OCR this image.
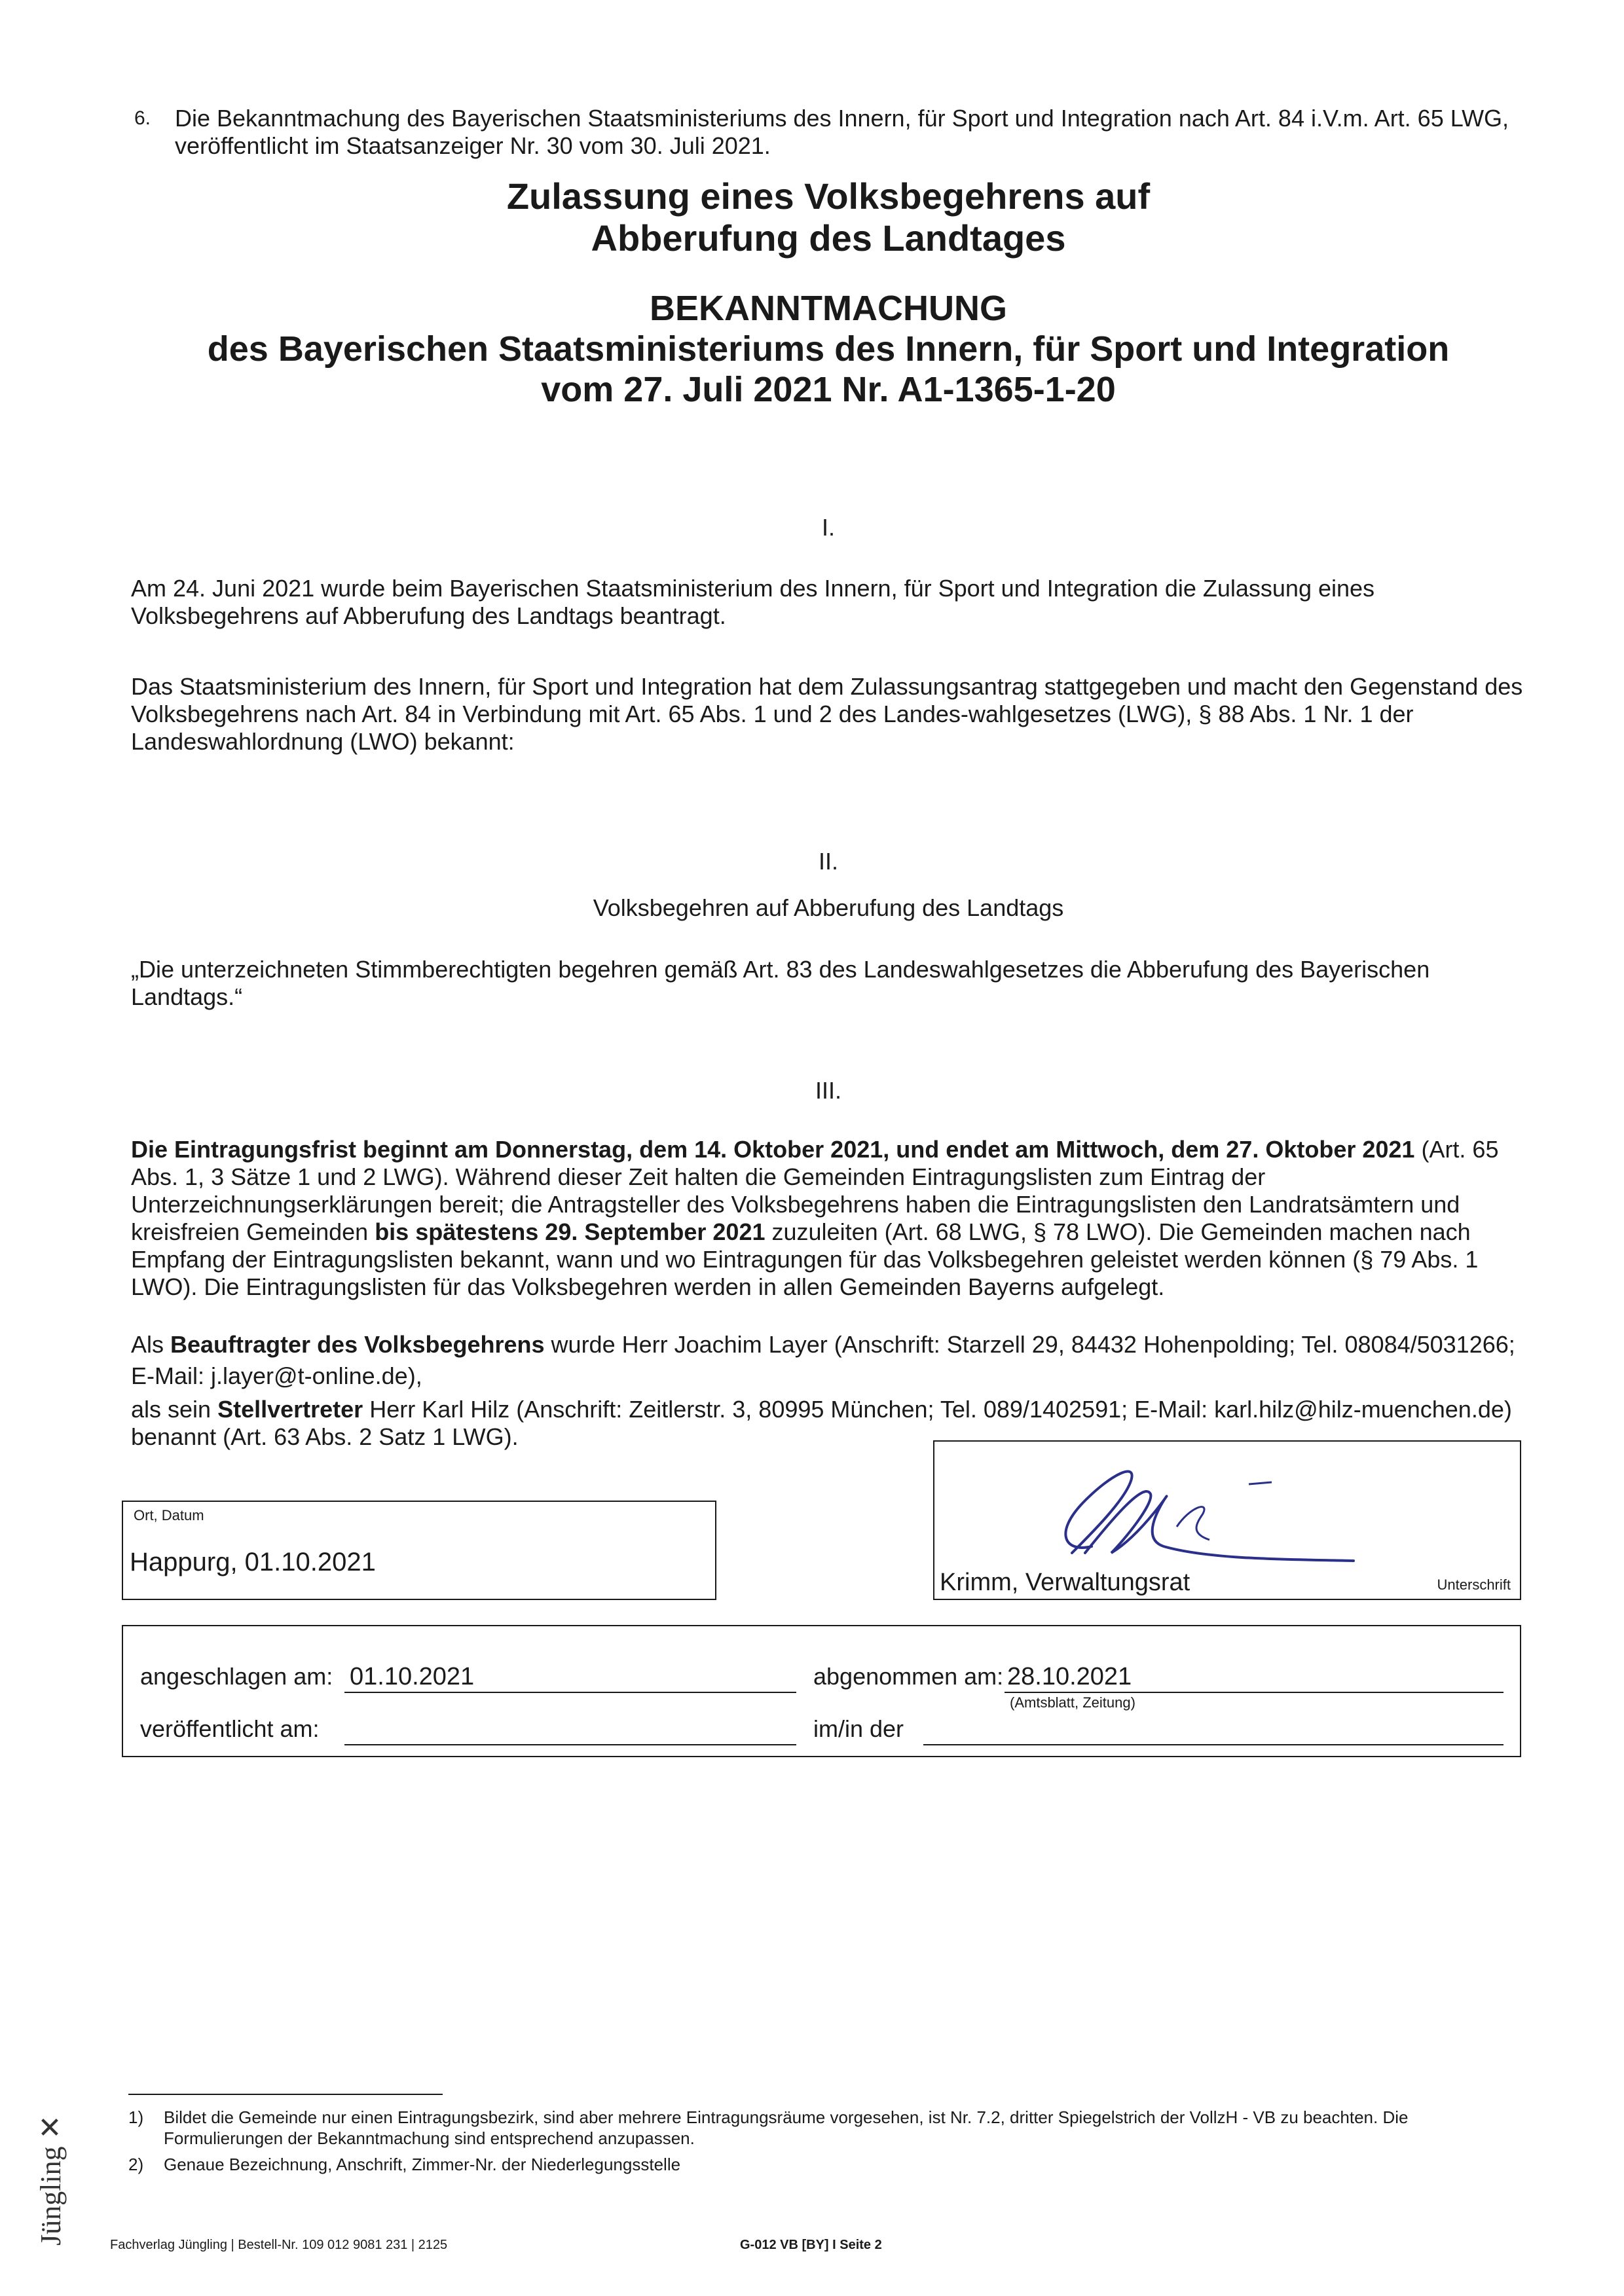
6. Die Bekanntmachung des Bayerischen Staatsministeriums des Innern, für Sport und Integration nach Art. 84 i.V.m. Art. 65 LWG, veröffentlicht im Staatsanzeiger Nr. 30 vom 30. Juli 2021.

Zulassung eines Volksbegehrens auf
Abberufung des Landtages
BEKANNTMACHUNG
des Bayerischen Staatsministeriums des Innern, für Sport und Integration
vom 27. Juli 2021 Nr. A1-1365-1-20
I.

Am 24. Juni 2021 wurde beim Bayerischen Staatsministerium des Innern, für Sport und Integration die Zulassung eines Volksbegehrens auf Abberufung des Landtags beantragt.

Das Staatsministerium des Innern, für Sport und Integration hat dem Zulassungsantrag stattgegeben und macht den Gegenstand des Volksbegehrens nach Art. 84 in Verbindung mit Art. 65 Abs. 1 und 2 des Landes-wahlgesetzes (LWG), § 88 Abs. 1 Nr. 1 der Landeswahlordnung (LWO) bekannt:

II.
Volksbegehren auf Abberufung des Landtags

„Die unterzeichneten Stimmberechtigten begehren gemäß Art. 83 des Landeswahlgesetzes die Abberufung des Bayerischen Landtags.“

III.

Die Eintragungsfrist beginnt am Donnerstag, dem 14. Oktober 2021, und endet am Mittwoch, dem 27. Oktober 2021 (Art. 65 Abs. 1, 3 Sätze 1 und 2 LWG). Während dieser Zeit halten die Gemeinden Eintragungslisten zum Eintrag der Unterzeichnungserklärungen bereit; die Antragsteller des Volksbegehrens haben die Eintragungslisten den Landratsämtern und kreisfreien Gemeinden bis spätestens 29. September 2021 zuzuleiten (Art. 68 LWG, § 78 LWO). Die Gemeinden machen nach Empfang der Eintragungslisten bekannt, wann und wo Eintragungen für das Volksbegehren geleistet werden können (§ 79 Abs. 1 LWO). Die Eintragungslisten für das Volksbegehren werden in allen Gemeinden Bayerns aufgelegt.

Als Beauftragter des Volksbegehrens wurde Herr Joachim Layer (Anschrift: Starzell 29, 84432 Hohenpolding; Tel. 08084/5031266; E-Mail: j.layer@t-online.de),

als sein Stellvertreter Herr Karl Hilz (Anschrift: Zeitlerstr. 3, 80995 München; Tel. 089/1402591; E-Mail: karl.hilz@hilz-muenchen.de) benannt (Art. 63 Abs. 2 Satz 1 LWG).

Ort, Datum
Happurg, 01.10.2021
Krimm, Verwaltungsrat	Unterschrift
angeschlagen am: 01.10.2021	abgenommen am: 28.10.2021
(Amtsblatt, Zeitung)
veröffentlicht am:	im/in der
1) Bildet die Gemeinde nur einen Eintragungsbezirk, sind aber mehrere Eintragungsräume vorgesehen, ist Nr. 7.2, dritter Spiegelstrich der VollzH - VB zu beachten. Die Formulierungen der Bekanntmachung sind entsprechend anzupassen.
2) Genaue Bezeichnung, Anschrift, Zimmer-Nr. der Niederlegungsstelle
Jüngling ✕
Fachverlag Jüngling | Bestell-Nr. 109 012 9081 231 | 2125	G-012 VB [BY] I Seite 2
